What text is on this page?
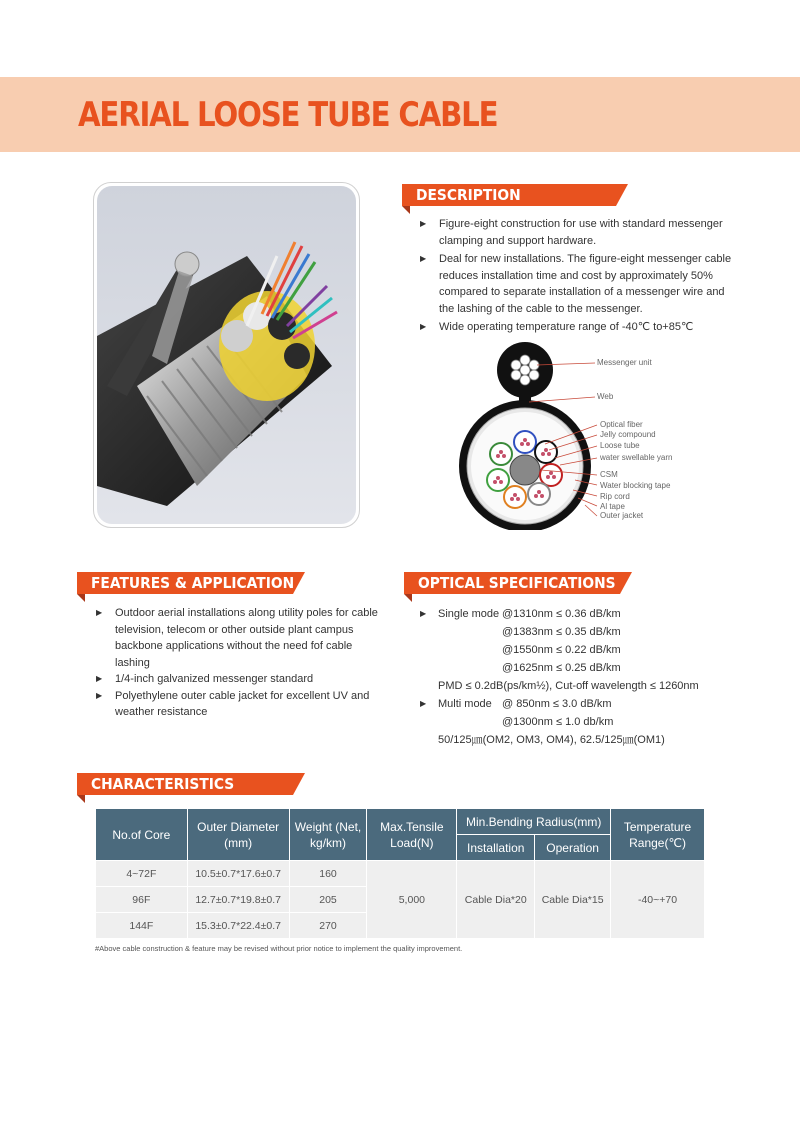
AERIAL LOOSE TUBE CABLE
DESCRIPTION
▶ Figure-eight construction for use with standard messenger clamping and support hardware.
▶ Deal for new installations. The figure-eight messenger cable reduces installation time and cost by approximately 50% compared to separate installation of a messenger wire and the lashing of the cable to the messenger.
▶ Wide operating temperature range of -40℃ to+85℃
Messenger unit
Web
Optical fiber
Jelly compound
Loose tube
water swellable yarn
CSM
Water blocking tape
Rip cord
Al tape
Outer jacket
FEATURES & APPLICATIONS
▶ Outdoor aerial installations along utility poles for cable television, telecom or other outside plant campus backbone applications without the need fof cable lashing
▶ 1/4-inch galvanized messenger standard
▶ Polyethylene outer cable jacket for excellent UV and weather resistance
OPTICAL SPECIFICATIONS
▶ Single mode @1310nm ≤ 0.36 dB/km
@1383nm ≤ 0.35 dB/km
@1550nm ≤ 0.22 dB/km
@1625nm ≤ 0.25 dB/km
PMD ≤ 0.2dB(ps/km½), Cut-off wavelength ≤ 1260nm
▶ Multi mode @ 850nm ≤ 3.0 dB/km
@1300nm ≤ 1.0 db/km
50/125㎛(OM2, OM3, OM4), 62.5/125㎛(OM1)
CHARACTERISTICS
No.of Core	Outer Diameter (mm)	Weight (Net, kg/km)	Max.Tensile Load(N)	Min.Bending Radius(mm)		Temperature Range(℃)
				Installation	Operation	
4~72F	10.5±0.7*17.6±0.7	160	5,000	Cable Dia*20	Cable Dia*15	-40~+70
96F	12.7±0.7*19.8±0.7	205				
144F	15.3±0.7*22.4±0.7	270				
#Above cable construction & feature may be revised without prior notice to implement the quality improvement.
